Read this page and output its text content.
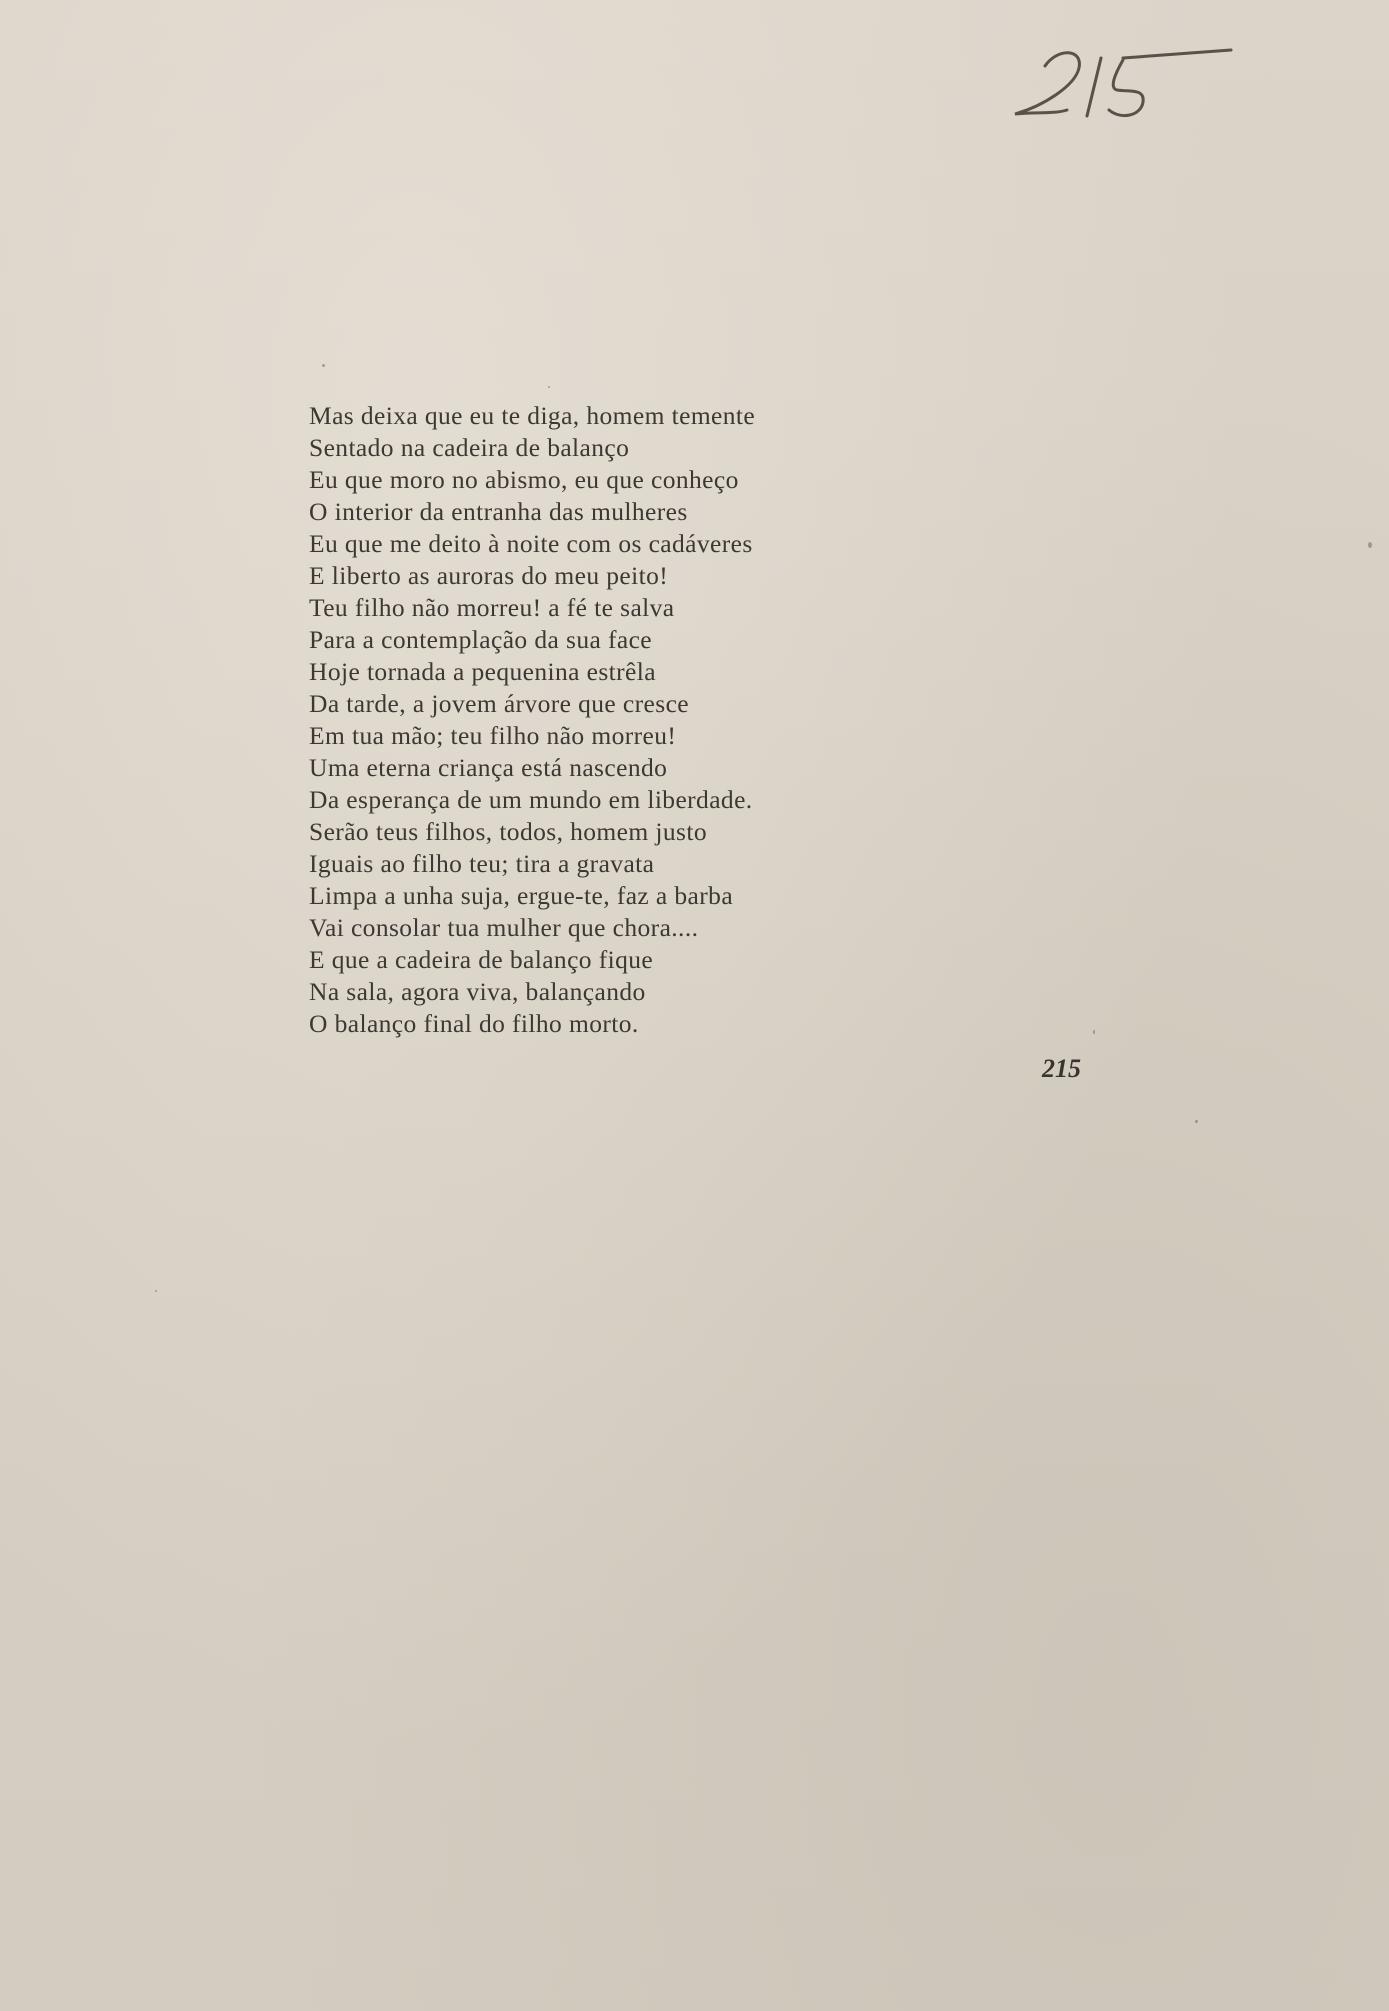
Mas deixa que eu te diga, homem temente
Sentado na cadeira de balanço
Eu que moro no abismo, eu que conheço
O interior da entranha das mulheres
Eu que me deito à noite com os cadáveres
E liberto as auroras do meu peito!
Teu filho não morreu! a fé te salva
Para a contemplação da sua face
Hoje tornada a pequenina estrêla
Da tarde, a jovem árvore que cresce
Em tua mão; teu filho não morreu!
Uma eterna criança está nascendo
Da esperança de um mundo em liberdade.
Serão teus filhos, todos, homem justo
Iguais ao filho teu; tira a gravata
Limpa a unha suja, ergue-te, faz a barba
Vai consolar tua mulher que chora....
E que a cadeira de balanço fique
Na sala, agora viva, balançando
O balanço final do filho morto.
215
